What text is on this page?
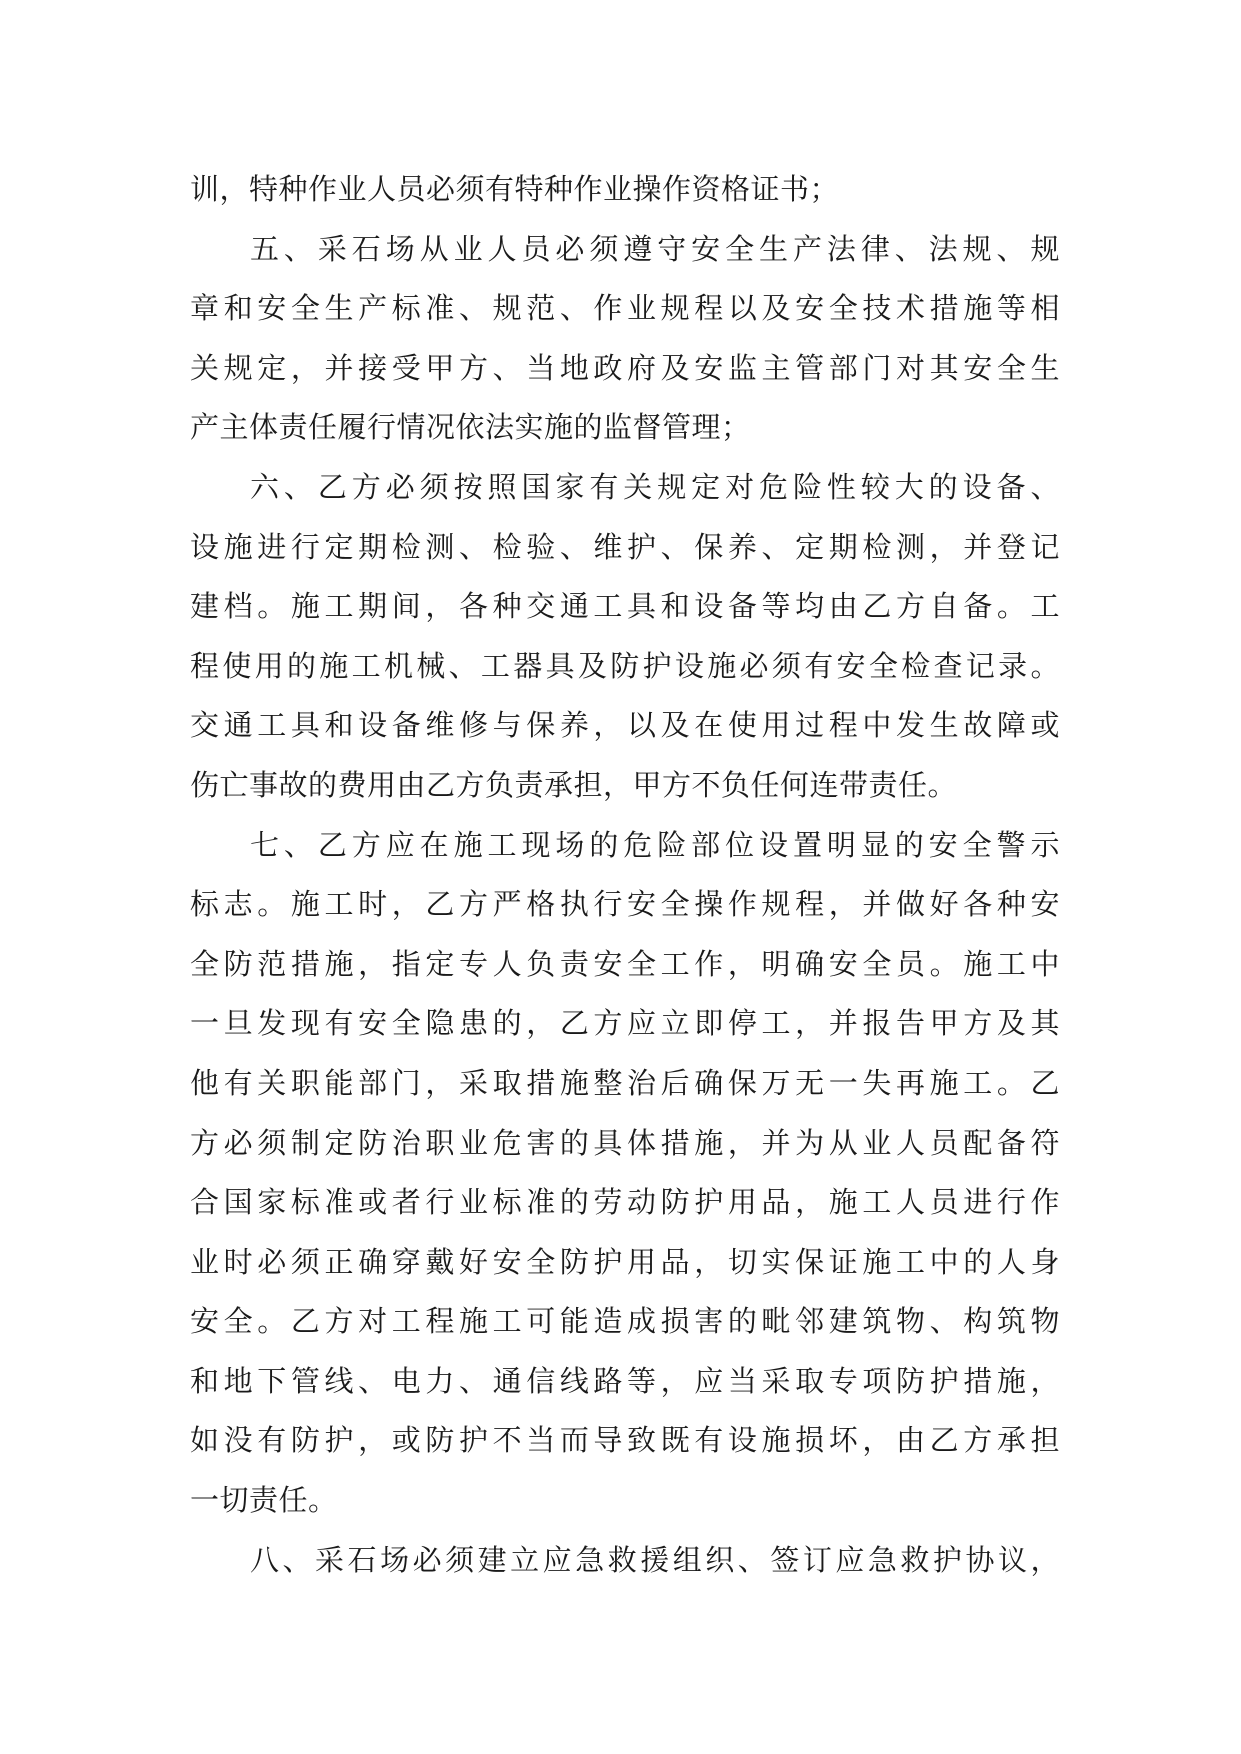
训，特种作业人员必须有特种作业操作资格证书；
五、采石场从业人员必须遵守安全生产法律、法规、规
章和安全生产标准、规范、作业规程以及安全技术措施等相
关规定，并接受甲方、当地政府及安监主管部门对其安全生
产主体责任履行情况依法实施的监督管理；
六、乙方必须按照国家有关规定对危险性较大的设备、
设施进行定期检测、检验、维护、保养、定期检测，并登记
建档。施工期间，各种交通工具和设备等均由乙方自备。工
程使用的施工机械、工器具及防护设施必须有安全检查记录。
交通工具和设备维修与保养，以及在使用过程中发生故障或
伤亡事故的费用由乙方负责承担，甲方不负任何连带责任。
七、乙方应在施工现场的危险部位设置明显的安全警示
标志。施工时，乙方严格执行安全操作规程，并做好各种安
全防范措施，指定专人负责安全工作，明确安全员。施工中
一旦发现有安全隐患的，乙方应立即停工，并报告甲方及其
他有关职能部门，采取措施整治后确保万无一失再施工。乙
方必须制定防治职业危害的具体措施，并为从业人员配备符
合国家标准或者行业标准的劳动防护用品，施工人员进行作
业时必须正确穿戴好安全防护用品，切实保证施工中的人身
安全。乙方对工程施工可能造成损害的毗邻建筑物、构筑物
和地下管线、电力、通信线路等，应当采取专项防护措施，
如没有防护，或防护不当而导致既有设施损坏，由乙方承担
一切责任。
八、采石场必须建立应急救援组织、签订应急救护协议，
